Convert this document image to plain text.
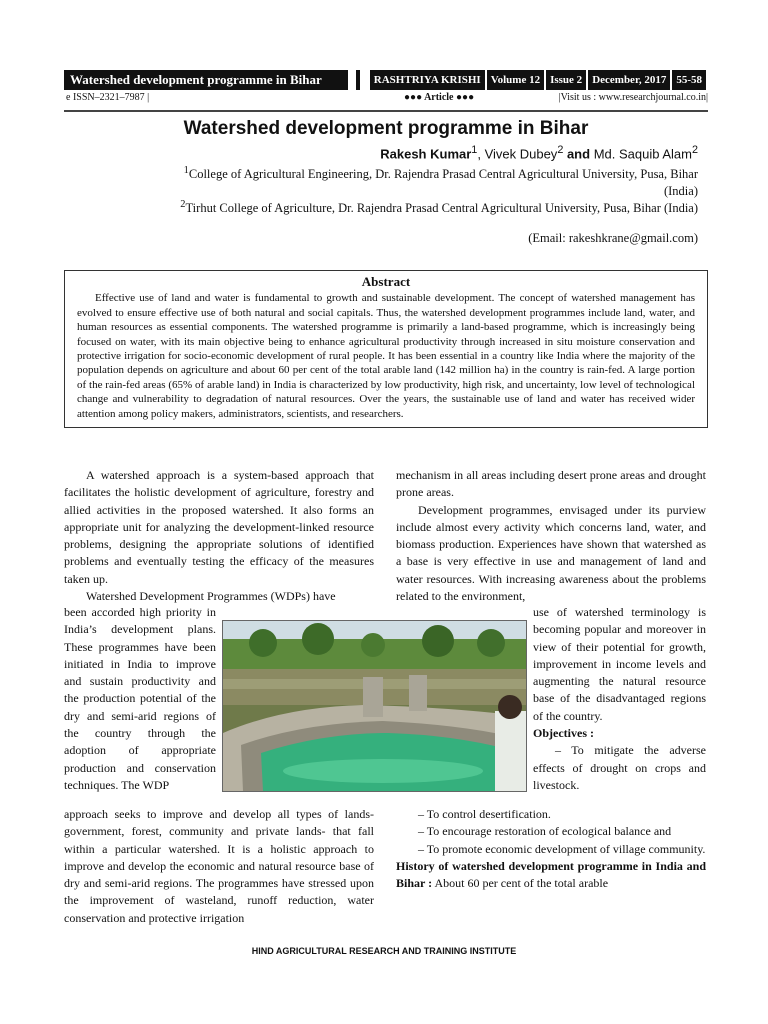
Watershed development programme in Bihar	RASHTRIYA KRISHI Volume 12 Issue 2 December, 2017 55-58
e ISSN–2321–7987 |	●●● Article ●●●	|Visit us : www.researchjournal.co.in|
Watershed development programme in Bihar
Rakesh Kumar$^1$, Vivek Dubey$^2$ and Md. Saquib Alam$^2$
$^1$College of Agricultural Engineering, Dr. Rajendra Prasad Central Agricultural University, Pusa, Bihar (India)
$^2$Tirhut College of Agriculture, Dr. Rajendra Prasad Central Agricultural University, Pusa, Bihar (India)
(Email: rakeshkrane@gmail.com)
Abstract

Effective use of land and water is fundamental to growth and sustainable development. The concept of watershed management has evolved to ensure effective use of both natural and social capitals. Thus, the watershed development programmes include land, water, and human resources as essential components. The watershed programme is primarily a land-based programme, which is increasingly being focused on water, with its main objective being to enhance agricultural productivity through increased in situ moisture conservation and protective irrigation for socio-economic development of rural people. It has been essential in a country like India where the majority of the population depends on agriculture and about 60 per cent of the total arable land (142 million ha) in the country is rain-fed. A large portion of the rain-fed areas (65% of arable land) in India is characterized by low productivity, high risk, and uncertainty, low level of technological change and vulnerability to degradation of natural resources. Over the years, the sustainable use of land and water has received wider attention among policy makers, administrators, scientists, and researchers.

A watershed approach is a system-based approach that facilitates the holistic development of agriculture, forestry and allied activities in the proposed watershed. It also forms an appropriate unit for analyzing the development-linked resource problems, designing the appropriate solutions of identified problems and eventually testing the efficacy of the measures taken up.

Watershed Development Programmes (WDPs) have

been accorded high priority in India’s development plans. These programmes have been initiated in India to improve and sustain productivity and the production potential of the dry and semi-arid regions of the country through the adoption of appropriate production and conservation techniques. The WDP

approach seeks to improve and develop all types of lands-government, forest, community and private lands- that fall within a particular watershed. It is a holistic approach to improve and develop the economic and natural resource base of dry and semi-arid regions. The programmes have stressed upon the improvement of wasteland, runoff reduction, water conservation and protective irrigation

mechanism in all areas including desert prone areas and drought prone areas.

Development programmes, envisaged under its purview include almost every activity which concerns land, water, and biomass production. Experiences have shown that watershed as a base is very effective in use and management of land and water resources. With increasing awareness about the problems related to the environment,

use of watershed terminology is becoming popular and moreover in view of their potential for growth, improvement in income levels and augmenting the natural resource base of the disadvantaged regions of the country.

Objectives :

– To mitigate the adverse effects of drought on crops and livestock.

– To control desertification.

– To encourage restoration of ecological balance and

– To promote economic development of village community.

History of watershed development programme in India and Bihar : About 60 per cent of the total arable

HIND AGRICULTURAL RESEARCH AND TRAINING INSTITUTE
